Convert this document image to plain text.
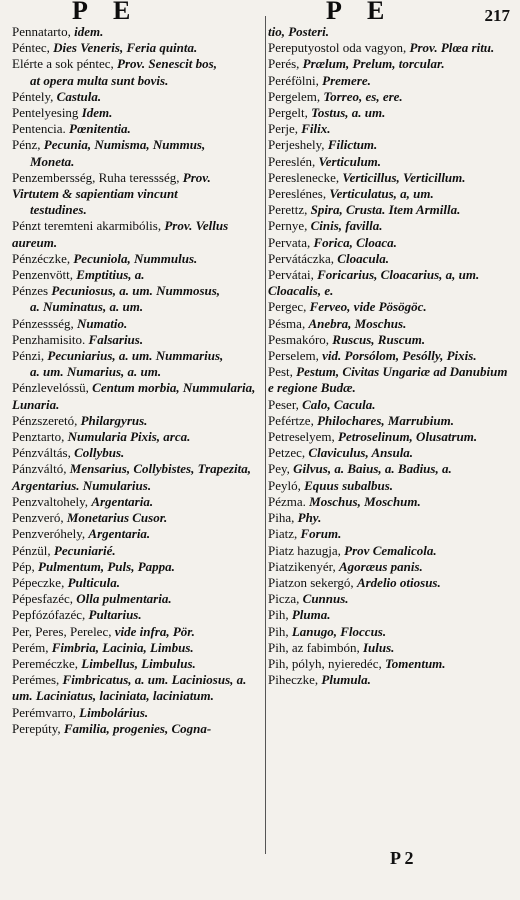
P E	P E	217
Pennatarto, idem.
Péntec, Dies Veneris, Feria quinta.
Elérte a sok péntec, Prov. Senescit bos,
at opera multa sunt bovis.
Péntely, Castula.
Pentelyesing Idem.
Pentencia. Pœnitentia.
Pénz, Pecunia, Numisma, Nummus,
Moneta.
Penzembersség, Ruha teressség, Prov. Virtutem & sapientiam vincunt
testudines.
Pénzt teremteni akarmibólis, Prov. Vellus aureum.
Pénzéczke, Pecuniola, Nummulus.
Penzenvött, Emptitius, a.
Pénzes Pecuniosus, a. um. Nummosus,
a. Numinatus, a. um.
Pénzessség, Numatio.
Penzhamisito. Falsarius.
Pénzi, Pecuniarius, a. um. Nummarius,
a. um. Numarius, a. um.
Pénzlevelóssü, Centum morbia, Nummularia, Lunaria.
Pénzszeretó, Philargyrus.
Penztarto, Numularia Pixis, arca.
Pénzváltás, Collybus.
Pánzváltó, Mensarius, Collybistes, Trapezita, Argentarius. Numularius.
Penzvaltohely, Argentaria.
Penzveró, Monetarius Cusor.
Penzveróhely, Argentaria.
Pénzül, Pecuniarié.
Pép, Pulmentum, Puls, Pappa.
Pépeczke, Pulticula.
Pépesfazéc, Olla pulmentaria.
Pepfózófazéc, Pultarius.
Per, Peres, Perelec, vide infra, Pör.
Perém, Fimbria, Lacinia, Limbus.
Pereméczke, Limbellus, Limbulus.
Perémes, Fimbricatus, a. um. Laciniosus, a. um. Laciniatus, laciniata, laciniatum.
Perémvarro, Limbolárius.
Perepúty, Familia, progenies, Cogna-
tio, Posteri.
Pereputyostol oda vagyon, Prov. Plœa ritu.
Perés, Prælum, Prelum, torcular.
Peréfölni, Premere.
Pergelem, Torreo, es, ere.
Pergelt, Tostus, a. um.
Perje, Filix.
Perjeshely, Filictum.
Pereslén, Verticulum.
Pereslenecke, Verticillus, Verticillum.
Pereslénes, Verticulatus, a, um.
Perettz, Spira, Crusta. Item Armilla.
Pernye, Cinis, favilla.
Pervata, Forica, Cloaca.
Pervátáczka, Cloacula.
Pervátai, Foricarius, Cloacarius, a, um. Cloacalis, e.
Pergec, Ferveo, vide Pösögöc.
Pésma, Anebra, Moschus.
Pesmakóro, Ruscus, Ruscum.
Perselem, vid. Porsólom, Pesólly, Pixis.
Pest, Pestum, Civitas Ungariæ ad Danubium e regione Budæ.
Peser, Calo, Cacula.
Pefértze, Philochares, Marrubium.
Petreselyem, Petroselinum, Olusatrum.
Petzec, Claviculus, Ansula.
Pey, Gilvus, a. Baius, a. Badius, a.
Peyló, Equus subalbus.
Pézma. Moschus, Moschum.
Piha, Phy.
Piatz, Forum.
Piatz hazugja, Prov Cemalicola.
Piatzikenyér, Agoræus panis.
Piatzon sekergó, Ardelio otiosus.
Picza, Cunnus.
Pih, Pluma.
Pih, Lanugo, Floccus.
Pih, az fabimbón, Iulus.
Pih, pólyh, nyieredéc, Tomentum.
Piheczke, Plumula.
P 2
